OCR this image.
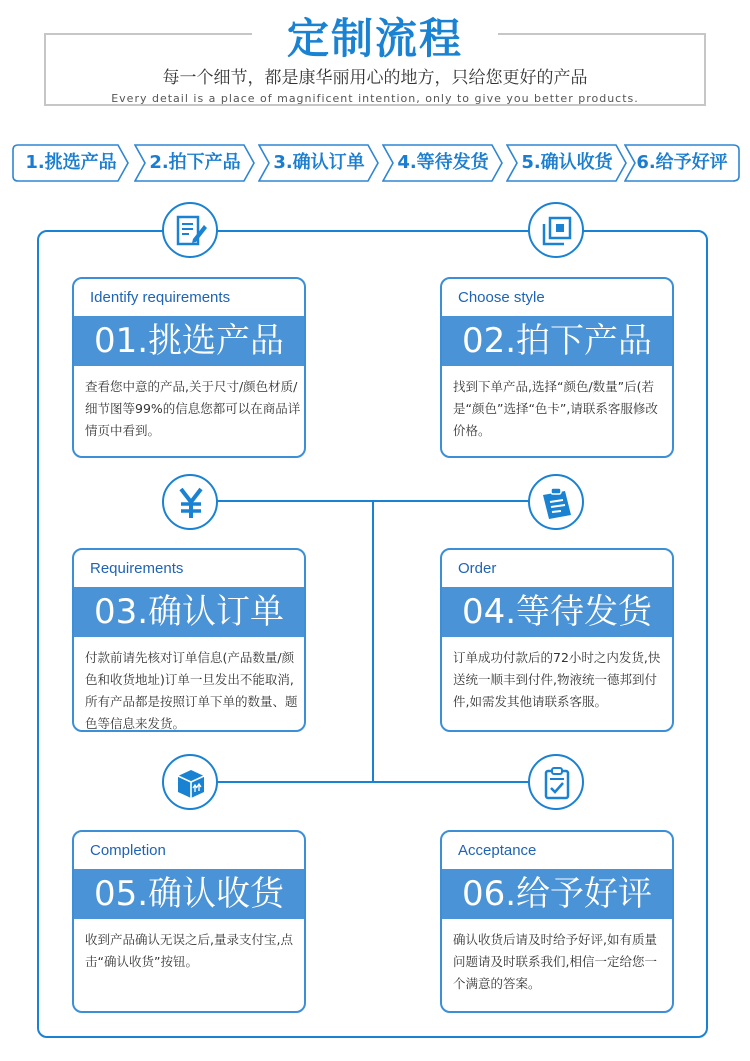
定制流程
每一个细节，都是康华丽用心的地方，只给您更好的产品
Every detail is a place of magnificent intention, only to give you better products.
1.挑选产品	2.拍下产品	3.确认订单	4.等待发货	5.确认收货	6.给予好评
Identify requirements
01.挑选产品
查看您中意的产品,关于尺寸/颜色材质/细节图等99%的信息您都可以在商品详情页中看到。
Choose style
02.拍下产品
找到下单产品,选择“颜色/数量”后(若是“颜色”选择“色卡”,请联系客服修改价格。
Requirements
03.确认订单
付款前请先核对订单信息(产品数量/颜色和收货地址)订单一旦发出不能取消,所有产品都是按照订单下单的数量、题色等信息来发货。
Order
04.等待发货
订单成功付款后的72小时之内发货,快送统一顺丰到付件,物液统一德邦到付件,如需发其他请联系客服。
Completion
05.确认收货
收到产品确认无误之后,量录支付宝,点击“确认收货”按钮。
Acceptance
06.给予好评
确认收货后请及时给予好评,如有质量问题请及时联系我们,相信一定给您一个满意的答案。
